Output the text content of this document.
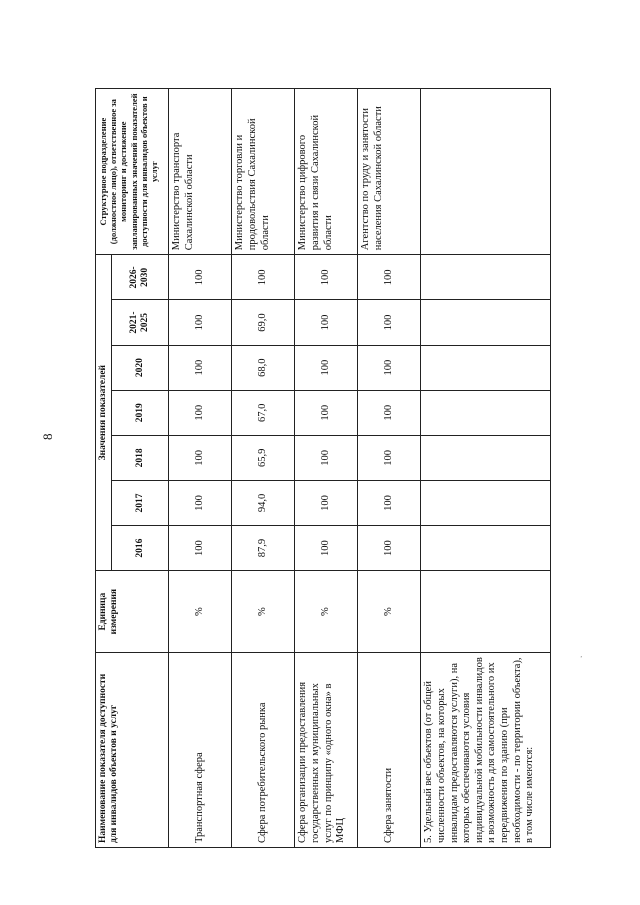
8
’
Наименование показателя доступности для инвалидов объектов и услуг	Единица измерения	Значения показателей							Структурное подразделение (должностное лицо), ответственное за мониторинг и достижение запланированных значений показателей доступности для инвалидов объектов и услуг
		2016	2017	2018	2019	2020	2021-2025	2026-2030	
Транспортная сфера	%	100	100	100	100	100	100	100	Министерство транспорта Сахалинской области
Сфера потребительского рынка	%	87,9	94,0	65,9	67,0	68,0	69,0	100	Министерство торговли и продовольствия Сахалинской области
Сфера организации предоставления государственных и муниципальных услуг по принципу «одного окна» в МФЦ	%	100	100	100	100	100	100	100	Министерство цифрового развития и связи Сахалинской области
Сфера занятости	%	100	100	100	100	100	100	100	Агентство по труду и занятости населения Сахалинской области
5. Удельный вес объектов (от общей численности объектов, на которых инвалидам предоставляются услуги), на которых обеспечиваются условия индивидуальной мобильности инвалидов и возможность для самостоятельного их передвижения по зданию (при необходимости - по территории объекта), в том числе имеются:									
